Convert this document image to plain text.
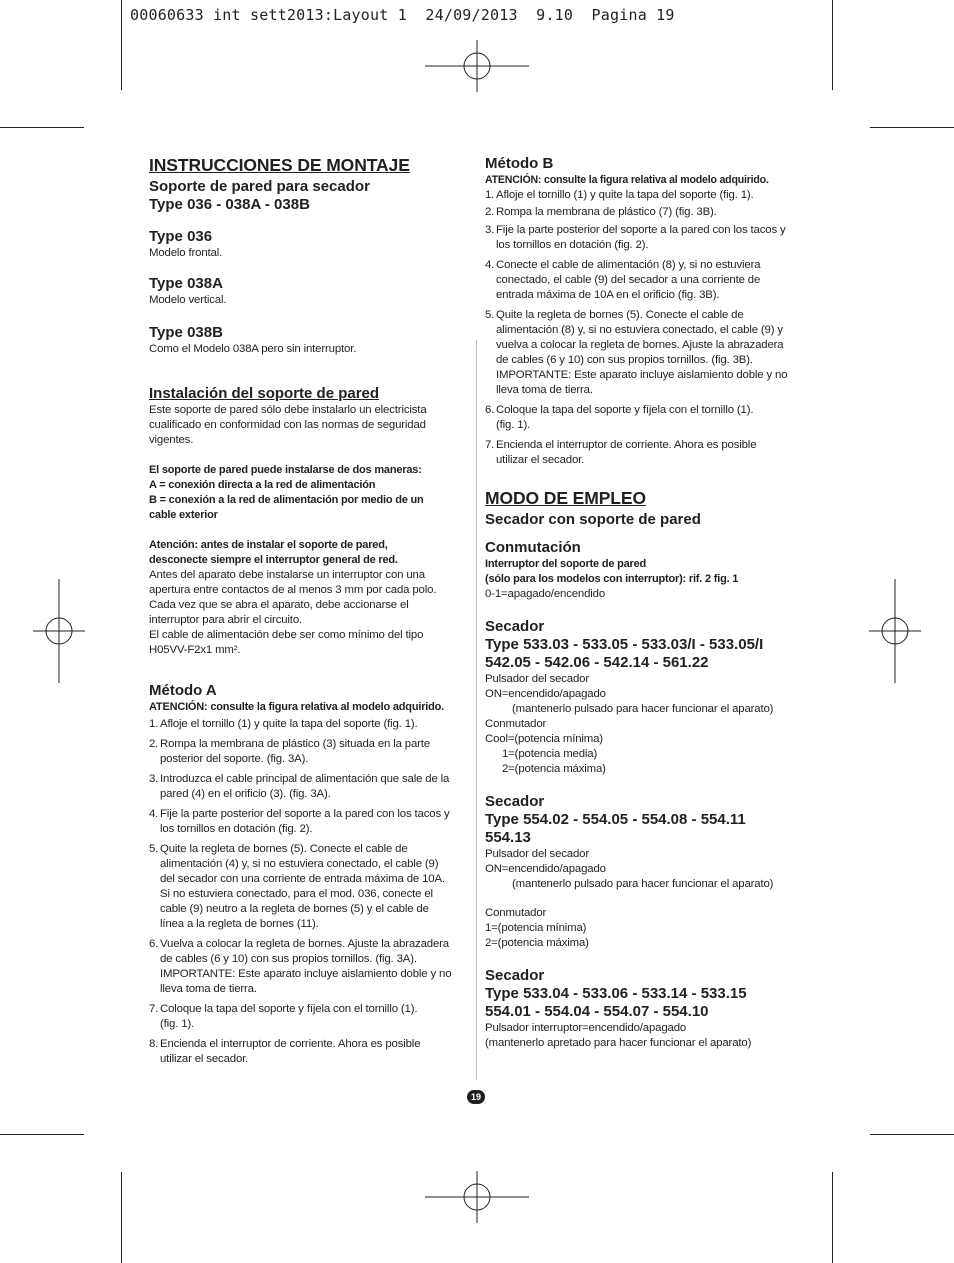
00060633 int sett2013:Layout 1  24/09/2013  9.10  Pagina 19
INSTRUCCIONES DE MONTAJE
Soporte de pared para secador
Type 036 - 038A - 038B
Type 036

Modelo frontal.

Type 038A

Modelo vertical.

Type 038B

Como el Modelo 038A pero sin interruptor.

Instalación del soporte de pared

Este soporte de pared sólo debe instalarlo un electricista

cualificado en conformidad con las normas de seguridad

vigentes.

El soporte de pared puede instalarse de dos maneras:

A = conexión directa a la red de alimentación

B = conexión a la red de alimentación por medio de un

cable exterior

Atención: antes de instalar el soporte de pared,

desconecte siempre el interruptor general de red.

Antes del aparato debe instalarse un interruptor con una

apertura entre contactos de al menos 3 mm por cada polo.

Cada vez que se abra el aparato, debe accionarse el

interruptor para abrir el circuito.

El cable de alimentación debe ser como mínimo del tipo

H05VV-F2x1 mm².

Método A

ATENCIÓN: consulte la figura relativa al modelo adquirido.

1. Afloje el tornillo (1) y quite la tapa del soporte (fig. 1).
2. Rompa la membrana de plástico (3) situada en la parte
posterior del soporte. (fig. 3A).
3. Introduzca el cable principal de alimentación que sale de la
pared (4) en el orificio (3). (fig. 3A).
4. Fije la parte posterior del soporte a la pared con los tacos y
los tornillos en dotación (fig. 2).
5. Quite la regleta de bornes (5). Conecte el cable de
alimentación (4) y, si no estuviera conectado, el cable (9)
del secador con una corriente de entrada máxima de 10A.
Si no estuviera conectado, para el mod. 036, conecte el
cable (9) neutro a la regleta de bornes (5) y el cable de
línea a la regleta de bornes (11).
6. Vuelva a colocar la regleta de bornes. Ajuste la abrazadera
de cables (6 y 10) con sus propios tornillos. (fig. 3A).
IMPORTANTE: Este aparato incluye aislamiento doble y no
lleva toma de tierra.
7. Coloque la tapa del soporte y fíjela con el tornillo (1).
(fig. 1).
8. Encienda el interruptor de corriente. Ahora es posible
utilizar el secador.
Método B

ATENCIÓN: consulte la figura relativa al modelo adquirido.

1. Afloje el tornillo (1) y quite la tapa del soporte (fig. 1).
2. Rompa la membrana de plástico (7) (fig. 3B).
3. Fije la parte posterior del soporte a la pared con los tacos y
los tornillos en dotación (fig. 2).
4. Conecte el cable de alimentación (8) y, si no estuviera
conectado, el cable (9) del secador a una corriente de
entrada máxima de 10A en el orificio (fig. 3B).
5. Quite la regleta de bornes (5). Conecte el cable de
alimentación (8) y, si no estuviera conectado, el cable (9) y
vuelva a colocar la regleta de bornes. Ajuste la abrazadera
de cables (6 y 10) con sus propios tornillos. (fig. 3B).
IMPORTANTE: Este aparato incluye aislamiento doble y no
lleva toma de tierra.
6. Coloque la tapa del soporte y fíjela con el tornillo (1).
(fig. 1).
7. Encienda el interruptor de corriente. Ahora es posible
utilizar el secador.
MODO DE EMPLEO
Secador con soporte de pared
Conmutación

Interruptor del soporte de pared

(sólo para los modelos con interruptor): rif. 2 fig. 1

0-1=apagado/encendido

Secador
Type 533.03 - 533.05 - 533.03/I - 533.05/I
542.05 - 542.06 - 542.14 - 561.22

Pulsador del secador

ON=encendido/apagado

(mantenerlo pulsado para hacer funcionar el aparato)

Conmutador

Cool=(potencia mínima)

1=(potencia media)

2=(potencia máxima)

Secador
Type 554.02 - 554.05 - 554.08 - 554.11
554.13

Pulsador del secador

ON=encendido/apagado

(mantenerlo pulsado para hacer funcionar el aparato)

Conmutador

1=(potencia mínima)

2=(potencia máxima)

Secador
Type 533.04 - 533.06 - 533.14 - 533.15
554.01 - 554.04 - 554.07 - 554.10

Pulsador interruptor=encendido/apagado

(mantenerlo apretado para hacer funcionar el aparato)

19
